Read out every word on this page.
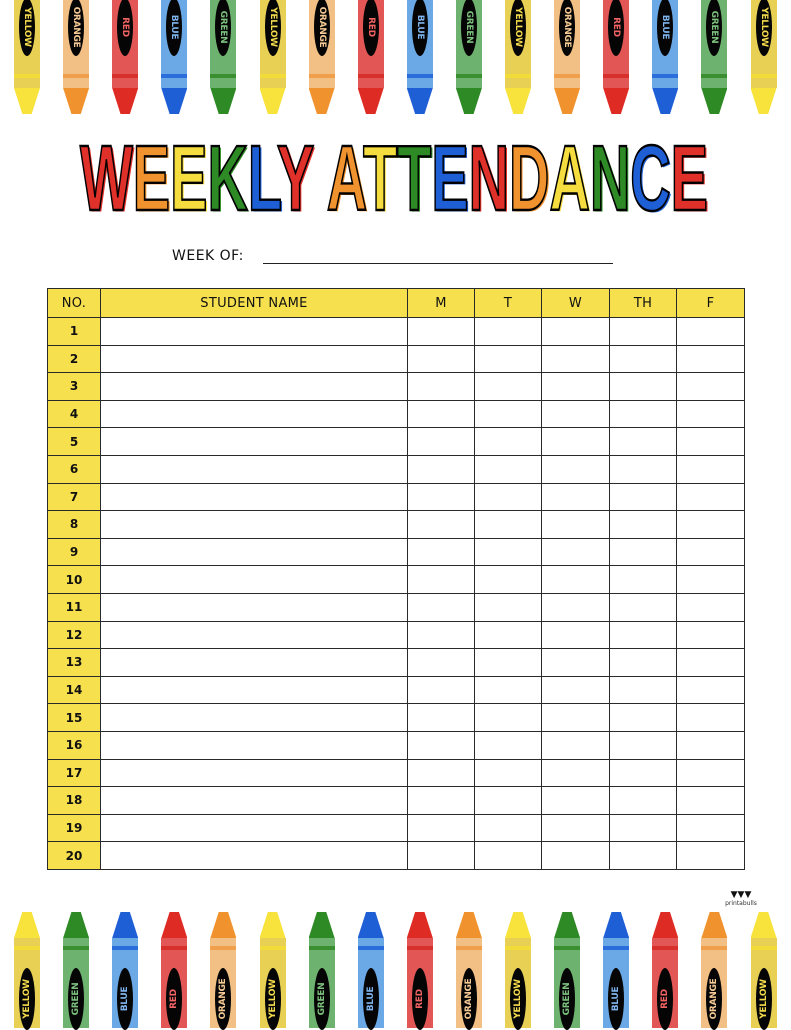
YELLOW	ORANGE	RED	BLUE	GREEN	YELLOW	ORANGE	RED	BLUE	GREEN	YELLOW	ORANGE	RED	BLUE	GREEN	YELLOW
WEEKLY ATTENDANCE
WEEK OF:
NO.	STUDENT NAME	M	T	W	TH	F
1						
2						
3						
4						
5						
6						
7						
8						
9						
10						
11						
12						
13						
14						
15						
16						
17						
18						
19						
20						
▼▼▼
printabulls
YELLOW	GREEN	BLUE	RED	ORANGE	YELLOW	GREEN	BLUE	RED	ORANGE	YELLOW	GREEN	BLUE	RED	ORANGE	YELLOW
